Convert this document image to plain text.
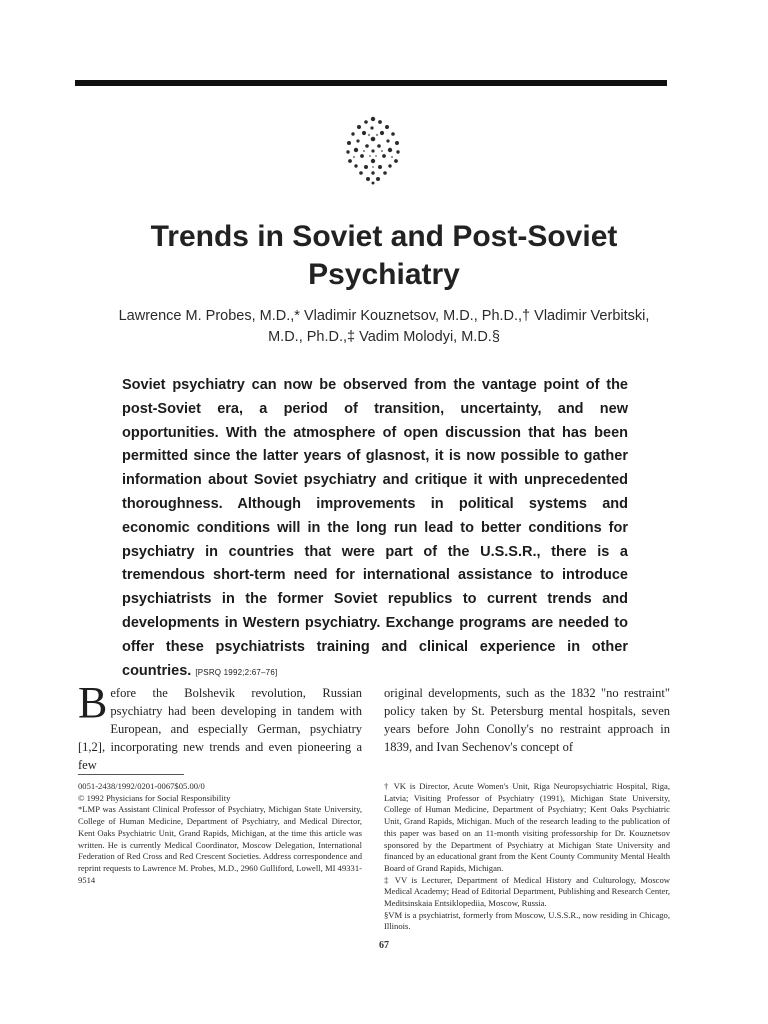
Trends in Soviet and Post-Soviet
Psychiatry
Lawrence M. Probes, M.D.,* Vladimir Kouznetsov, M.D., Ph.D.,† Vladimir Verbitski,
M.D., Ph.D.,‡ Vadim Molodyi, M.D.§
Soviet psychiatry can now be observed from the vantage point of the post-Soviet era, a period of transition, uncertainty, and new opportunities. With the atmosphere of open discussion that has been permitted since the latter years of glasnost, it is now possible to gather information about Soviet psychiatry and critique it with unprecedented thoroughness. Although improvements in political systems and economic conditions will in the long run lead to better conditions for psychiatry in countries that were part of the U.S.S.R., there is a tremendous short-term need for international assistance to introduce psychiatrists in the former Soviet republics to current trends and developments in Western psychiatry. Exchange programs are needed to offer these psychiatrists training and clinical experience in other countries. [PSRQ 1992;2:67–76]
B efore the Bolshevik revolution, Russian psychiatry had been developing in tandem with European, and especially German, psychiatry [1,2], incorporating new trends and even pioneering a few
original developments, such as the 1832 "no restraint" policy taken by St. Petersburg mental hospitals, seven years before John Conolly's no restraint approach in 1839, and Ivan Sechenov's concept of

0051-2438/1992/0201-0067$05.00/0

© 1992 Physicians for Social Responsibility

*LMP was Assistant Clinical Professor of Psychiatry, Michigan State University, College of Human Medicine, Department of Psychiatry, and Medical Director, Kent Oaks Psychiatric Unit, Grand Rapids, Michigan, at the time this article was written. He is currently Medical Coordinator, Moscow Delegation, International Federation of Red Cross and Red Crescent Societies. Address correspondence and reprint requests to Lawrence M. Probes, M.D., 2960 Gulliford, Lowell, MI 49331-9514

† VK is Director, Acute Women's Unit, Riga Neuropsychiatric Hospital, Riga, Latvia; Visiting Professor of Psychiatry (1991), Michigan State University, College of Human Medicine, Department of Psychiatry; Kent Oaks Psychiatric Unit, Grand Rapids, Michigan. Much of the research leading to the publication of this paper was based on an 11-month visiting professorship for Dr. Kouznetsov sponsored by the Department of Psychiatry at Michigan State University and financed by an educational grant from the Kent County Community Mental Health Board of Grand Rapids, Michigan.

‡ VV is Lecturer, Department of Medical History and Culturology, Moscow Medical Academy; Head of Editorial Department, Publishing and Research Center, Meditsinskaia Entsiklopediia, Moscow, Russia.

§VM is a psychiatrist, formerly from Moscow, U.S.S.R., now residing in Chicago, Illinois.

67
